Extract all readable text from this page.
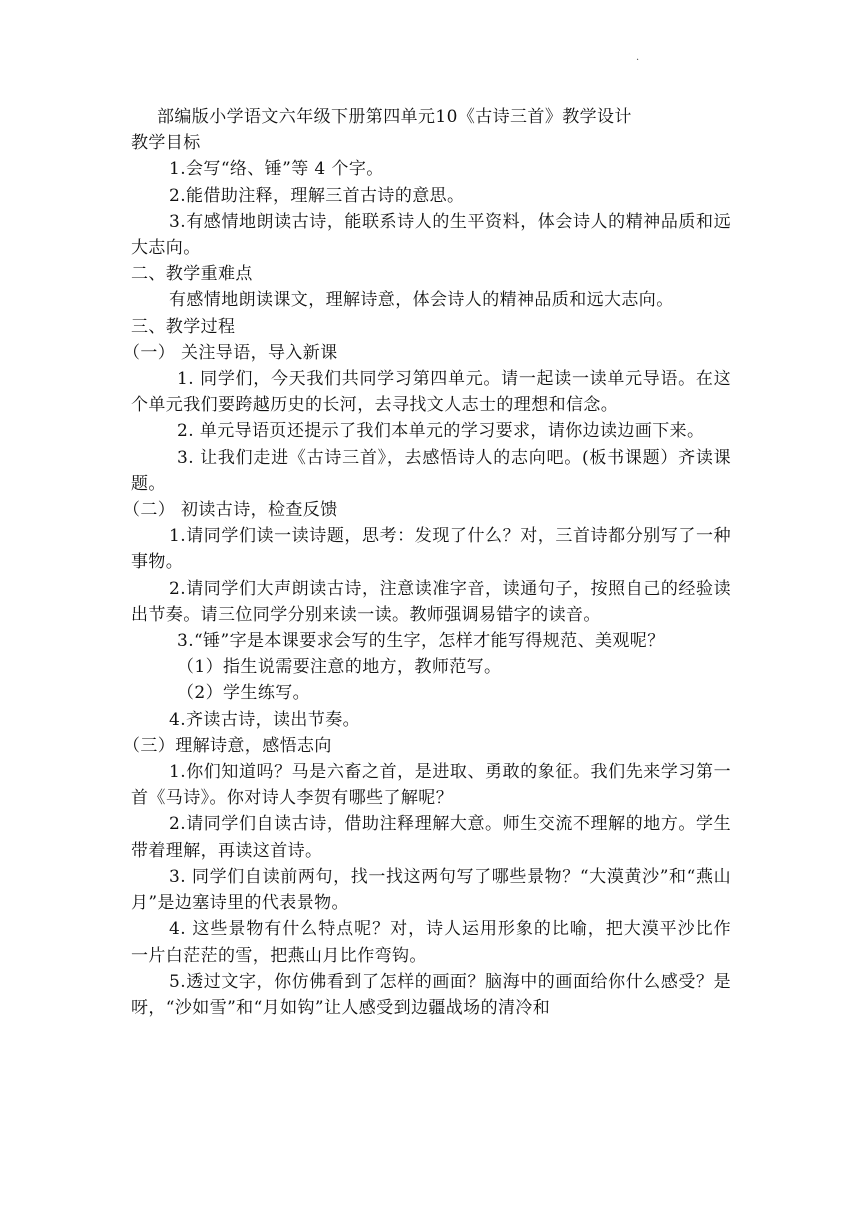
·

部编版小学语文六年级下册第四单元10《古诗三首》教学设计

教学目标

1.会写“络、锤”等 4 个字。

2.能借助注释，理解三首古诗的意思。

3.有感情地朗读古诗，能联系诗人的生平资料，体会诗人的精神品质和远大志向。

二、教学重难点

有感情地朗读课文，理解诗意，体会诗人的精神品质和远大志向。

三、教学过程

（一） 关注导语，导入新课

1. 同学们，今天我们共同学习第四单元。请一起读一读单元导语。在这个单元我们要跨越历史的长河，去寻找文人志士的理想和信念。

2. 单元导语页还提示了我们本单元的学习要求，请你边读边画下来。

3. 让我们走进《古诗三首》，去感悟诗人的志向吧。(板书课题）齐读课题。

（二） 初读古诗，检查反馈

1.请同学们读一读诗题，思考：发现了什么？对，三首诗都分别写了一种事物。

2.请同学们大声朗读古诗，注意读准字音，读通句子，按照自己的经验读出节奏。请三位同学分别来读一读。教师强调易错字的读音。

3.“锤”字是本课要求会写的生字，怎样才能写得规范、美观呢？

（1）指生说需要注意的地方，教师范写。

（2）学生练写。

4.齐读古诗，读出节奏。

（三）理解诗意，感悟志向

1.你们知道吗？马是六畜之首，是进取、勇敢的象征。我们先来学习第一首《马诗》。你对诗人李贺有哪些了解呢？

2.请同学们自读古诗，借助注释理解大意。师生交流不理解的地方。学生带着理解，再读这首诗。

3. 同学们自读前两句，找一找这两句写了哪些景物？“大漠黄沙”和“燕山月”是边塞诗里的代表景物。

4. 这些景物有什么特点呢？对，诗人运用形象的比喻，把大漠平沙比作一片白茫茫的雪，把燕山月比作弯钩。

5.透过文字，你仿佛看到了怎样的画面？脑海中的画面给你什么感受？是呀，“沙如雪”和“月如钩”让人感受到边疆战场的清冷和
